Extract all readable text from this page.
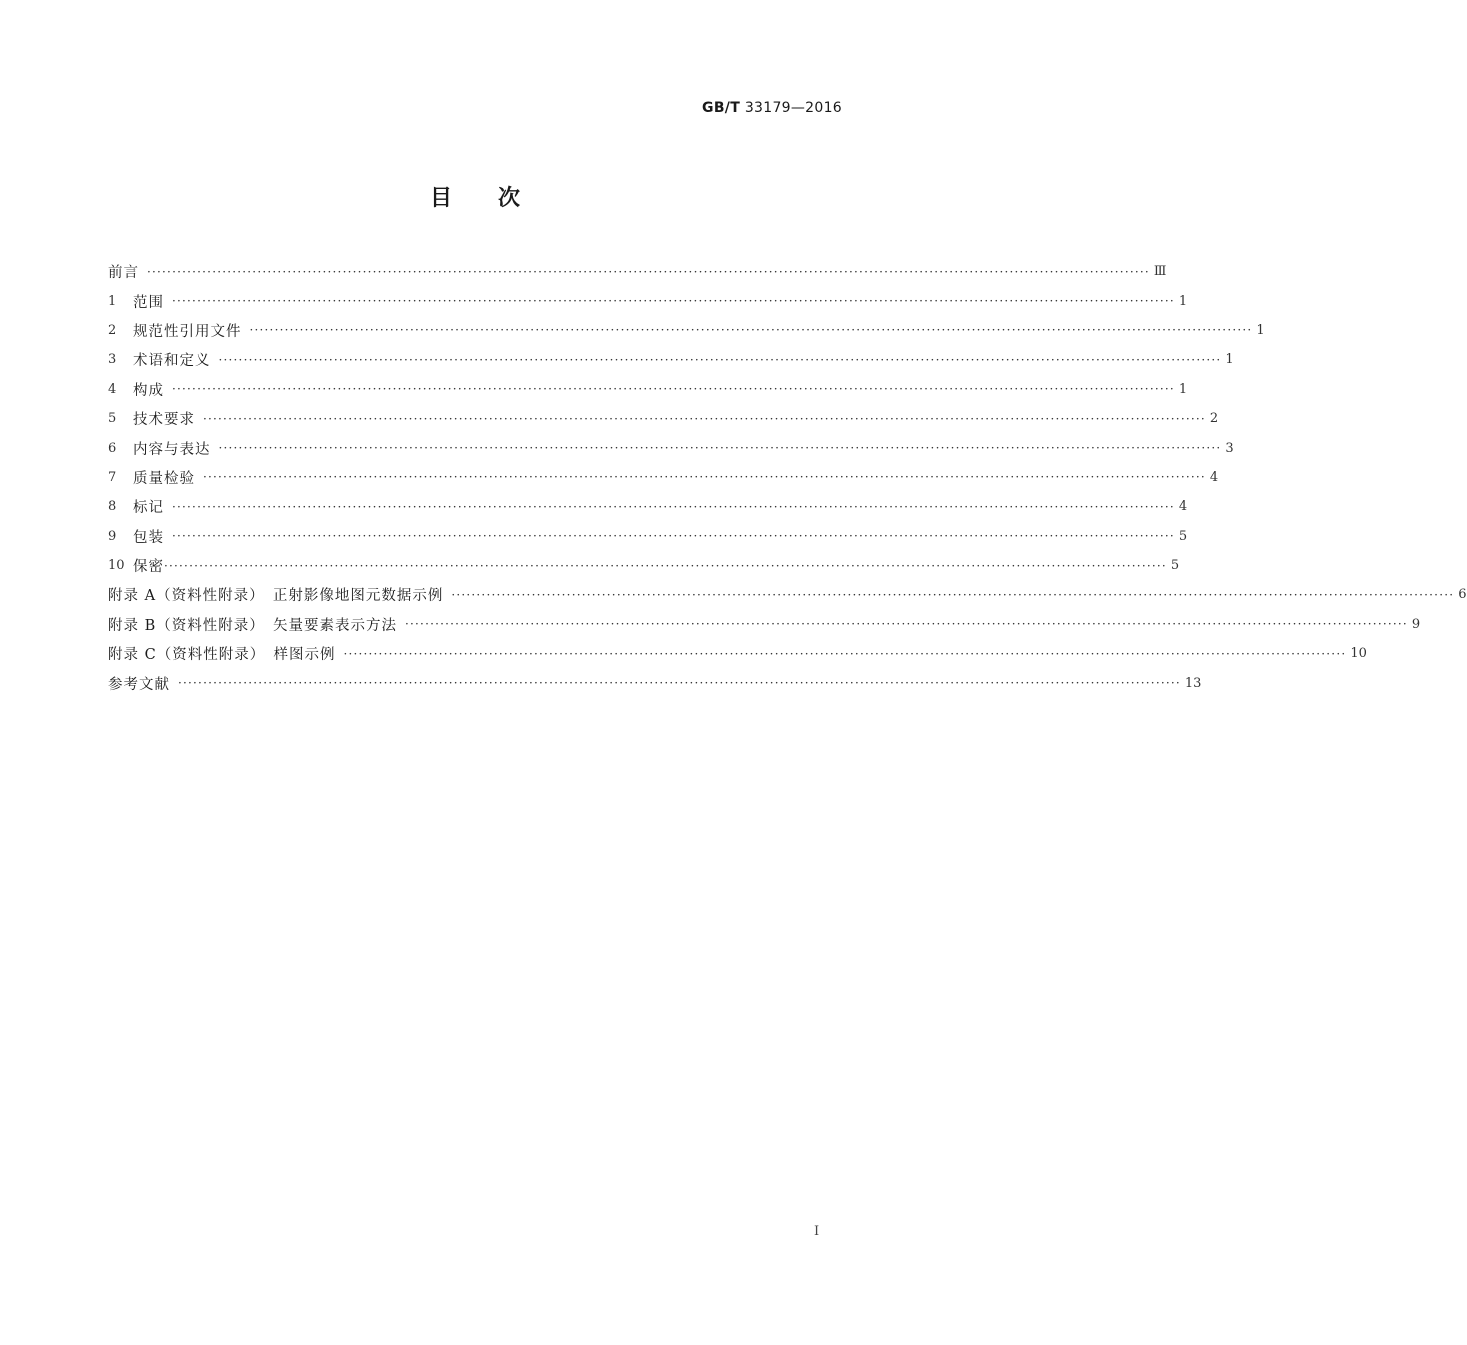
GB/T 33179—2016
目 次
前言 ········································································································································································································ Ⅲ
1	范围 ········································································································································································································ 1
2	规范性引用文件 ········································································································································································································ 1
3	术语和定义 ········································································································································································································ 1
4	构成 ········································································································································································································ 1
5	技术要求 ········································································································································································································ 2
6	内容与表达 ········································································································································································································ 3
7	质量检验 ········································································································································································································ 4
8	标记 ········································································································································································································ 4
9	包装 ········································································································································································································ 5
10 保密 ········································································································································································································ 5
附录 A（资料性附录）　正射影像地图元数据示例 ········································································································································································································ 6
附录 B（资料性附录）　矢量要素表示方法 ········································································································································································································ 9
附录 C（资料性附录）　样图示例 ········································································································································································································ 10
参考文献 ········································································································································································································ 13
I
